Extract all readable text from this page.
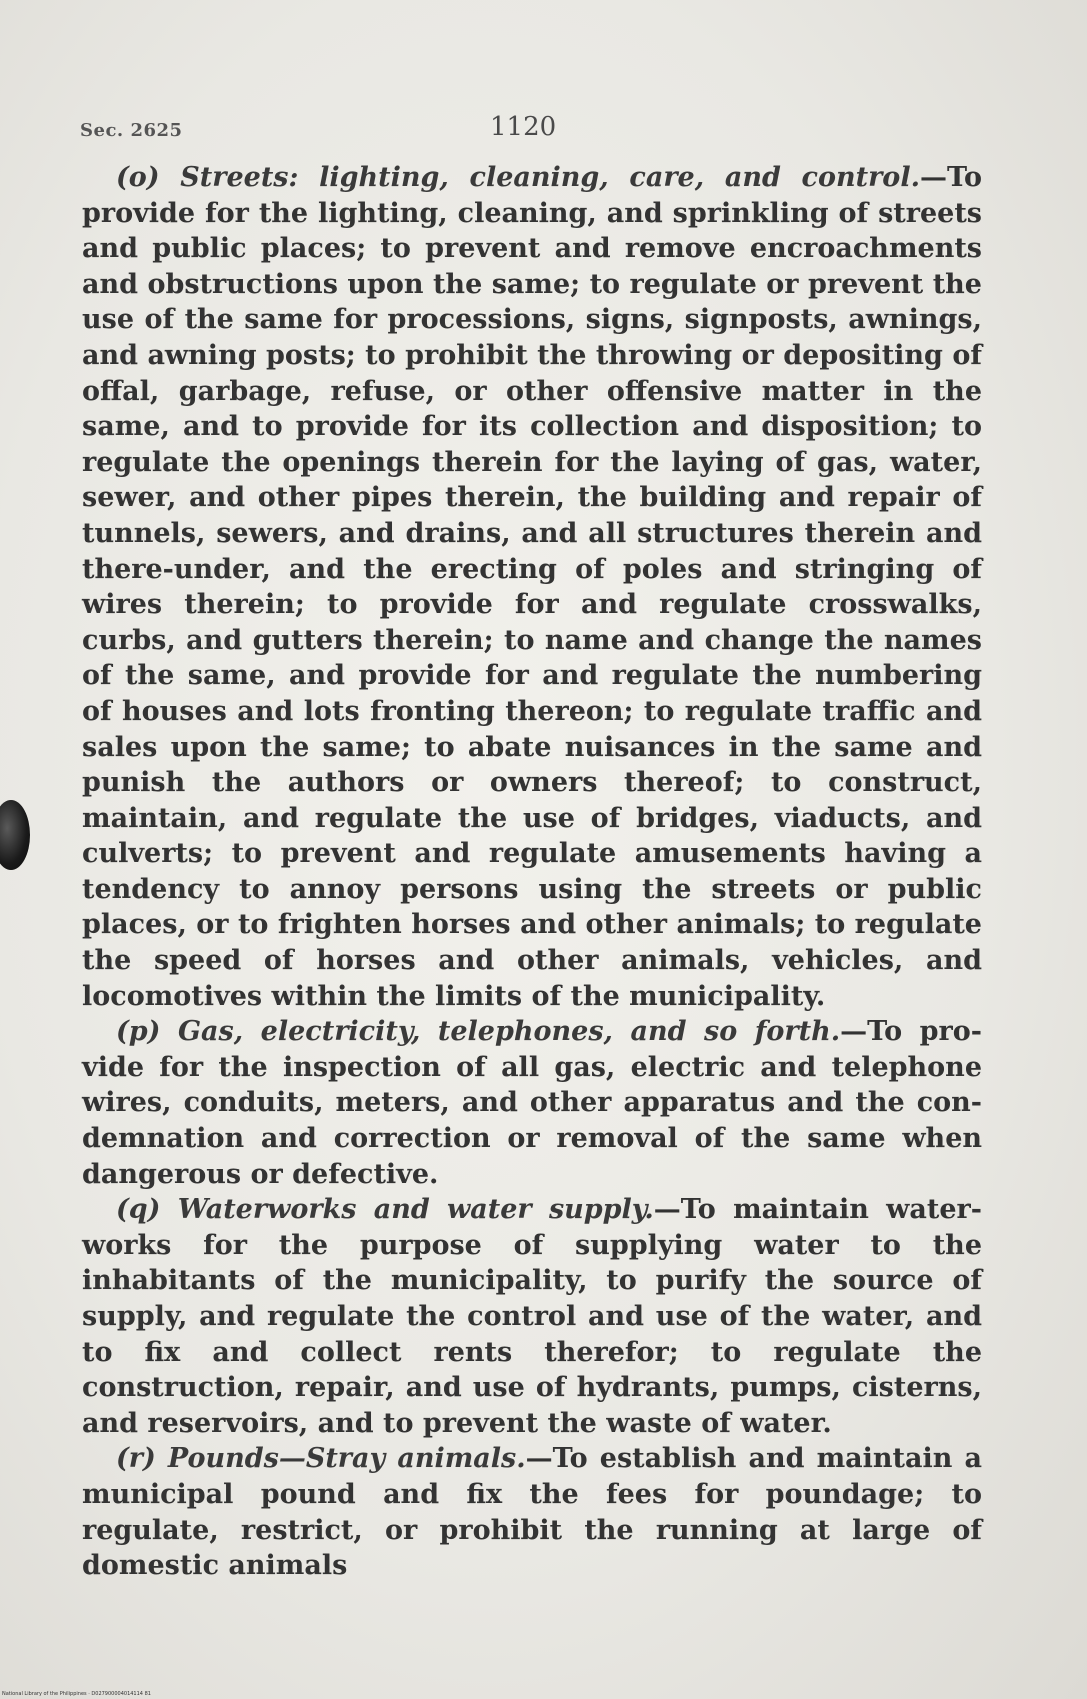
Sec. 2625	1120

(o) Streets: lighting, cleaning, care, and control.—To provide for the lighting, cleaning, and sprinkling of streets and public places; to prevent and remove encroachments and obstructions upon the same; to regulate or prevent the use of the same for processions, signs, signposts, awnings, and awning posts; to prohibit the throwing or depositing of offal, garbage, refuse, or other offensive matter in the same, and to provide for its collection and disposition; to regulate the openings therein for the laying of gas, water, sewer, and other pipes therein, the building and repair of tunnels, sewers, and drains, and all structures therein and there-under, and the erecting of poles and stringing of wires therein; to provide for and regulate crosswalks, curbs, and gutters therein; to name and change the names of the same, and provide for and regulate the numbering of houses and lots fronting thereon; to regulate traffic and sales upon the same; to abate nuisances in the same and punish the authors or owners thereof; to construct, maintain, and regulate the use of bridges, viaducts, and culverts; to prevent and regulate amusements having a tendency to annoy persons using the streets or public places, or to frighten horses and other animals; to regulate the speed of horses and other animals, vehicles, and locomotives within the limits of the municipality.

(p) Gas, electricity, telephones, and so forth.—To pro-vide for the inspection of all gas, electric and telephone wires, conduits, meters, and other apparatus and the con-demnation and correction or removal of the same when dangerous or defective.

(q) Waterworks and water supply.—To maintain water-works for the purpose of supplying water to the inhabitants of the municipality, to purify the source of supply, and regulate the control and use of the water, and to fix and collect rents therefor; to regulate the construction, repair, and use of hydrants, pumps, cisterns, and reservoirs, and to prevent the waste of water.

(r) Pounds—Stray animals.—To establish and maintain a municipal pound and fix the fees for poundage; to regulate, restrict, or prohibit the running at large of domestic animals

National Library of the Philippines · D027900004014114 81
